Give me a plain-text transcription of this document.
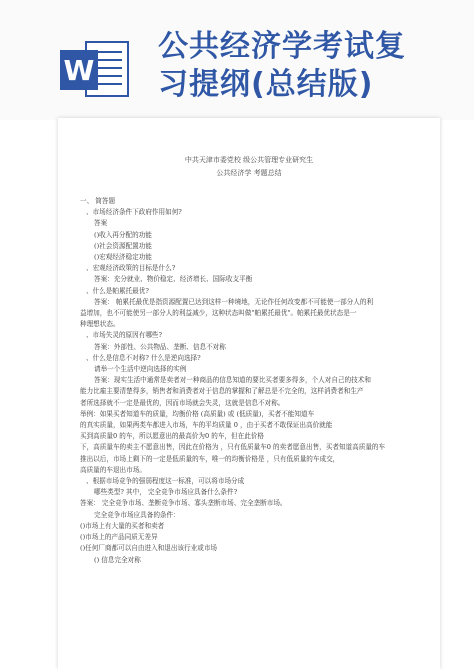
W
公共经济学考试复
习提纲(总结版)
中共天津市委党校 级公共管理专业研究生
公共经济学 考题总结
一、 简答题
、市场经济条件下政府作用如何?
答案
()收入再分配的功能
()社会资源配置功能
()宏观经济稳定功能
、宏观经济政策的目标是什么?
答案：充分就业、物价稳定、经济增长、国际收支平衡
、什么是帕累托最优?
答案： 帕累托最优是指资源配置已达到这样一种境地，无论作任何改变都不可能使一部分人的利
益增加，也不可能使另一部分人的利益减少，这种状态叫做"帕累托最优"。帕累托最优状态是一
种理想状态。
、市场失灵的原因有哪些?
答案：外部性、公共物品、垄断、信息不对称
、什么是信息不对称? 什么是逆向选择?
请举一个生活中逆向选择的实例
答案：现实生活中通常是卖者对一种商品的信息知道的要比买者要多得多，个人对自己的技术和
能力比雇主要清楚得多，销售者和消费者对于信息的掌握和了解总是不完全的，这样消费者和生产
者所选择就不一定是最优的，因而市场就会失灵，这就是信息不对称。
举例：如果买者知道车的质量，均衡价格 (高质量) 或 (低质量)，买者不能知道车
的真实质量，如果两类车都进入市场，车的平均质量 0 ，由于买者不敢保证出高价就能
买到高质量0 的车，所以愿意出的最高价为0 的车，但在此价格
下，高质量车的卖主不愿意出售，因此在价格为 ，只有低质量车0 的卖者愿意出售，买者知道高质量的车
推出以后，市场上剩下的一定是低质量的车，唯一的均衡价格是 ，只有低质量的车成交，
高质量的车退出市场。
、根据市场竞争的强弱程度这一标准，可以将市场分成
哪些类型? 其中， 完全竞争市场应具备什么条件?
答案： 完全竞争市场、垄断竞争市场、寡头垄断市场、完全垄断市场。
完全竞争市场应具备的条件：
()市场上有大量的买者和卖者
()市场上的产品同质无差异
()任何厂商都可以自由进入和退出该行业或市场
() 信息完全对称
